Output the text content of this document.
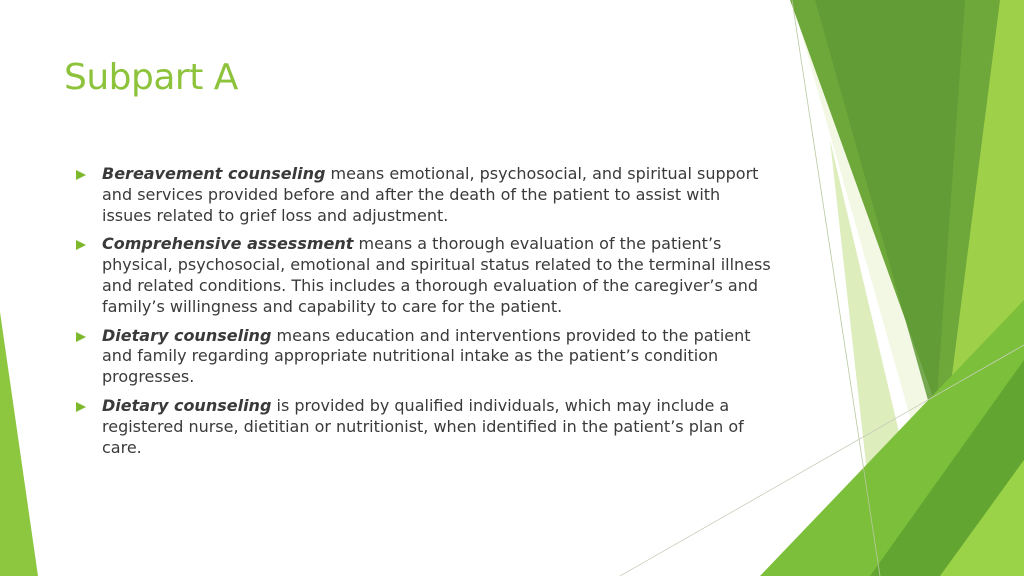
Subpart A
Bereavement counseling means emotional, psychosocial, and spiritual support and services provided before and after the death of the patient to assist with issues related to grief loss and adjustment.
Comprehensive assessment means a thorough evaluation of the patient’s physical, psychosocial, emotional and spiritual status related to the terminal illness and related conditions. This includes a thorough evaluation of the caregiver’s and family’s willingness and capability to care for the patient.
Dietary counseling means education and interventions provided to the patient and family regarding appropriate nutritional intake as the patient’s condition progresses.
Dietary counseling is provided by qualified individuals, which may include a registered nurse, dietitian or nutritionist, when identified in the patient’s plan of care.
